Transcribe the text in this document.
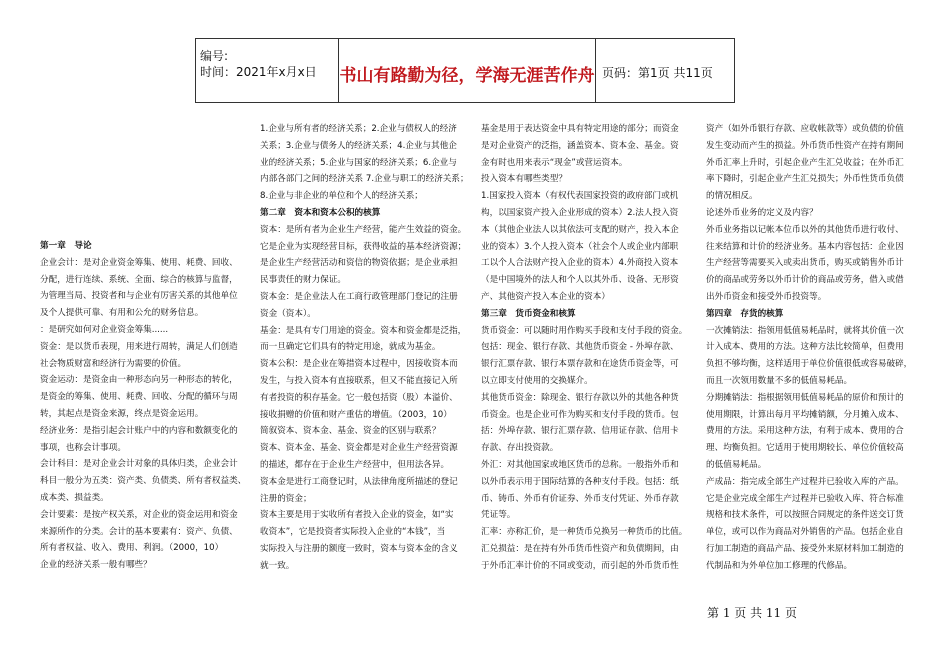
编号:
时间：2021年x月x日 书山有路勤为径，学海无涯苦作舟 页码：第1页 共11页

第一章　导论

企业会计：是对企业资金筹集、使用、耗费、回收、

分配，进行连续、系统、全面、综合的核算与监督，

为管理当局、投资者和与企业有厉害关系的其他单位

及个人提供可靠、有用和公允的财务信息。

：是研究如何对企业资金筹集......

资金：是以货币表现，用来进行周转，满足人们创造

社会物质财富和经济行为需要的价值。

资金运动：是资金由一种形态向另一种形态的转化，

是资金的筹集、使用、耗费、回收、分配的循环与周

转，其起点是资金来源，终点是资金运用。

经济业务：是指引起会计账户中的内容和数额变化的

事项，也称会计事项。

会计科目：是对企业会计对象的具体归类，企业会计

科目一般分为五类：资产类、负债类、所有者权益类、

成本类、损益类。

会计要素：是按产权关系，对企业的资金运用和资金

来源所作的分类。会计的基本要素有：资产、负债、

所有者权益、收入、费用、利润。（2000，10）

企业的经济关系一般有哪些？

1.企业与所有者的经济关系；2.企业与债权人的经济

关系；3.企业与债务人的经济关系；4.企业与其他企

业的经济关系；5.企业与国家的经济关系；6.企业与

内部各部门之间的经济关系 7.企业与职工的经济关系；

8.企业与非企业的单位和个人的经济关系；

第二章　资本和资本公积的核算

资本：是所有者为企业生产经营，能产生效益的资金。

它是企业为实现经营目标，获得收益的基本经济资源；

是企业生产经营活动和资信的物资依据；是企业承担

民事责任的财力保证。

资本金：是企业法人在工商行政管理部门登记的注册

资金（资本）。

基金：是具有专门用途的资金。资本和资金都是泛指，

而一旦确定它们具有的特定用途，就成为基金。

资本公积：是企业在筹措资本过程中，因接收资本而

发生，与投入资本有直接联系，但又不能直接记入所

有者投资的积存基金。它一般包括资（股）本溢价、

接收捐赠的价值和财产重估的增值。（2003，10）

简叙资本、资本金、基金、资金的区别与联系？

资本、资本金、基金、资金都是对企业生产经营资源

的描述，都存在于企业生产经营中，但用法各异。

资本金是进行工商登记时，从法律角度所描述的登记

注册的资金；

资本主要是用于实收所有者投入企业的资金，如“实

收资本”，它是投资者实际投入企业的“本钱”，当

实际投入与注册的额度一致时，资本与资本金的含义

就一致。

基金是用于表达资金中具有特定用途的部分；而资金

是对企业资产的泛指，涵盖资本、资本金、基金。资

金有时也用来表示“现金”或营运资本。

投入资本有哪些类型？

1.国家投入资本（有权代表国家投资的政府部门或机

构，以国家资产投入企业形成的资本）2.法人投入资

本（其他企业法人以其依法可支配的财产，投入本企

业的资本）3.个人投入资本（社会个人或企业内部职

工以个人合法财产投入企业的资本）4.外商投入资本

（是中国境外的法人和个人以其外币、设备、无形资

产、其他资产投入本企业的资本）

第三章　货币资金和核算

货币资金：可以随时用作购买手段和支付手段的资金。

包括：现金、银行存款、其他货币资金 - 外埠存款、

银行汇票存款、银行本票存款和在途货币资金等，可

以立即支付使用的交换媒介。

其他货币资金：除现金、银行存款以外的其他各种货

币资金。也是企业可作为购买和支付手段的货币。包

括：外埠存款、银行汇票存款、信用证存款、信用卡

存款、存出投资款。

外汇：对其他国家或地区货币的总称。一般指外币和

以外币表示用于国际结算的各种支付手段。包括：纸

币、铸币、外币有价证券、外币支付凭证、外币存款

凭证等。

汇率：亦称汇价，是一种货币兑换另一种货币的比值。

汇兑损益：是在持有外币货币性资产和负债期间，由

于外币汇率计价的不同或变动，而引起的外币货币性

资产（如外币银行存款、应收帐款等）或负债的价值

发生变动而产生的损益。外币货币性资产在持有期间

外币汇率上升时，引起企业产生汇兑收益；在外币汇

率下降时，引起企业产生汇兑损失；外币性货币负债

的情况相反。

论述外币业务的定义及内容？

外币业务指以记帐本位币以外的其他货币进行收付、

往来结算和计价的经济业务。基本内容包括：企业因

生产经营等需要买入或卖出货币，购买或销售外币计

价的商品或劳务以外币计价的商品或劳务，借入或借

出外币资金和接受外币投资等。

第四章　存货的核算

一次摊销法：指领用低值易耗品时，就将其价值一次

计入成本、费用的方法。这种方法比较简单，但费用

负担不够均衡，这样适用于单位价值很低或容易破碎，

而且一次领用数量不多的低值易耗品。

分期摊销法：指根据领用低值易耗品的原价和预计的

使用期限，计算出每月平均摊销额，分月摊入成本、

费用的方法。采用这种方法，有利于成本、费用的合

理、均衡负担。它适用于使用期较长、单位价值较高

的低值易耗品。

产成品：指完成全部生产过程并已验收入库的产品。

它是企业完成全部生产过程并已验收入库、符合标准

规格和技术条件，可以按照合同规定的条件送交订货

单位，或可以作为商品对外销售的产品。包括企业自

行加工制造的商品产品、接受外来原材料加工制造的

代制品和为外单位加工修理的代修品。

第 1 页 共 11 页
